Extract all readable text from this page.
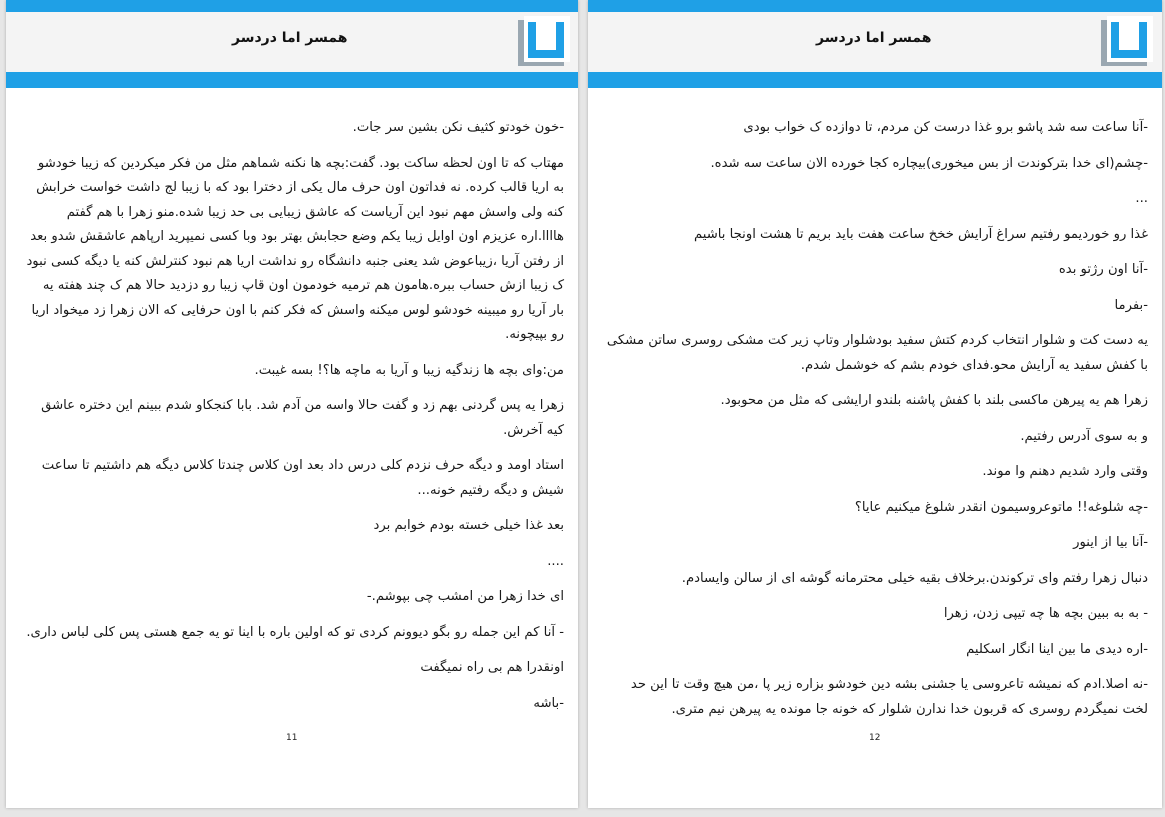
همسر اما دردسر

-خون خودتو کثیف نکن بشین سر جات.

مهتاب که تا اون لحظه ساکت بود. گفت:بچه ها نکنه شماهم مثل من فکر میکردین که زیبا خودشو به اریا قالب کرده. نه فداتون اون حرف مال یکی از دخترا بود که با زیبا لج داشت خواست خرابش کنه ولی واسش مهم نبود این آریاست که عاشق زیبایی بی حد زیبا شده.منو زهرا با هم گفتم هاااا.اره عزیزم اون اوایل زیبا یکم وضع حجابش بهتر بود وبا کسی نمیپرید ارپاهم عاشقش شدو بعد از رفتن آریا ،زیباعوض شد یعنی جنبه دانشگاه رو نداشت اریا هم نبود کنترلش کنه یا دیگه کسی نبود ک زیبا ازش حساب ببره.هامون هم ترمیه خودمون اون قاپ زیبا رو دزدید حالا هم ک چند هفته یه بار آریا رو میبینه خودشو لوس میکنه واسش که فکر کنم با اون حرفایی که الان زهرا زد میخواد اریا رو بپیچونه.

من:وای بچه ها زندگیه زیبا و آریا به ماچه ها؟! بسه غیبت.

زهرا یه پس گردنی بهم زد و گفت حالا واسه من آدم شد. بابا کنجکاو شدم ببینم این دختره عاشق کیه آخرش.

استاد اومد و دیگه حرف نزدم کلی درس داد بعد اون کلاس چندتا کلاس دیگه هم داشتیم تا ساعت شیش و دیگه رفتیم خونه...

بعد غذا خیلی خسته بودم خوابم برد

....

ای خدا زهرا من امشب چی بپوشم.-

- آنا کم این جمله رو بگو دیوونم کردی تو که اولین باره با اینا تو یه جمع هستی پس کلی لباس داری.

اونقدرا هم بی راه نمیگفت

-باشه

11
همسر اما دردسر

-آنا ساعت سه شد پاشو برو غذا درست کن مردم، تا دوازده ک خواب بودی

-چشم(ای خدا بترکوندت از بس میخوری)بیچاره کجا خورده الان ساعت سه شده.

...

غذا رو خوردیمو رفتیم سراغ آرایش خخخ ساعت هفت باید بریم تا هشت اونجا باشیم

-آنا اون رژتو بده

-بفرما

یه دست کت و شلوار انتخاب کردم کتش سفید بودشلوار وتاپ زیر کت مشکی روسری ساتن مشکی با کفش سفید یه آرایش محو.فدای خودم بشم که خوشمل شدم.

زهرا هم یه پیرهن ماکسی بلند با کفش پاشنه بلندو ارایشی که مثل من محوبود.

و به سوی آدرس رفتیم.

وقتی وارد شدیم دهنم وا موند.

-چه شلوغه!! ماتوعروسیمون انقدر شلوغ میکنیم عایا؟

-آنا بیا از اینور

دنبال زهرا رفتم وای ترکوندن.برخلاف بقیه خیلی محترمانه گوشه ای از سالن وایسادم.

- به به ببین بچه ها چه تیپی زدن، زهرا

-اره دیدی ما بین اینا انگار اسکلیم

-نه اصلا.ادم که نمیشه تاعروسی یا جشنی بشه دین خودشو بزاره زیر پا ،من هیچ وقت تا این حد لخت نمیگردم روسری که قربون خدا ندارن شلوار که خونه جا مونده یه پیرهن نیم متری.

12
